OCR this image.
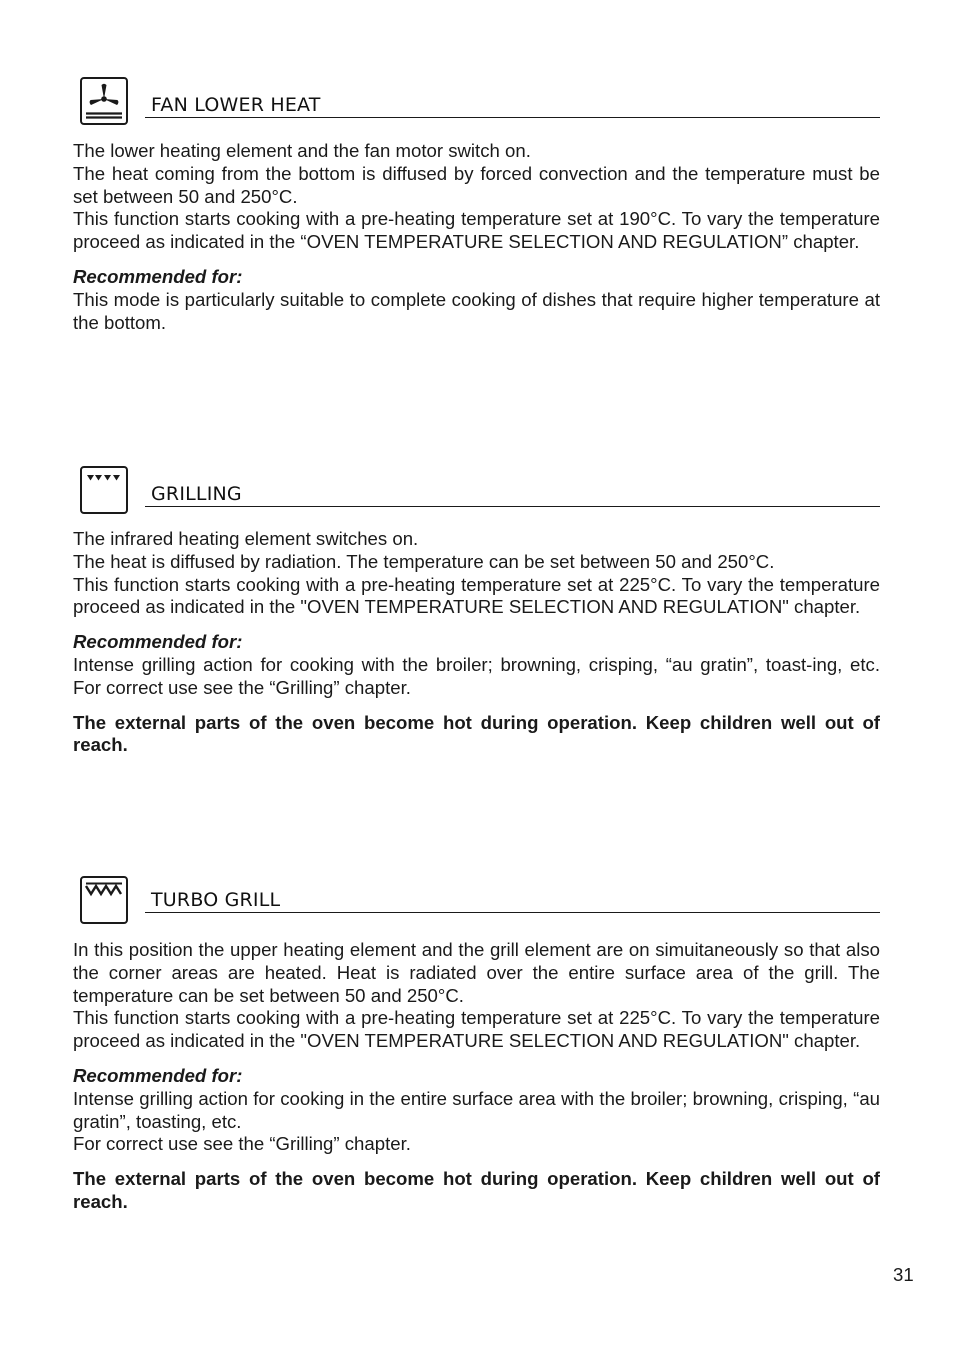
FAN LOWER HEAT

The lower heating element and the fan motor switch on.

The heat coming from the bottom is diffused by forced convection and the temperature must be set between 50 and 250°C.

This function starts cooking with a pre-heating temperature set at 190°C. To vary the temperature proceed as indicated in the “OVEN TEMPERATURE SELECTION AND REGULATION” chapter.

Recommended for:

This mode is particularly suitable to complete cooking of dishes that require higher temperature at the bottom.

GRILLING

The infrared heating element switches on.

The heat is diffused by radiation. The temperature can be set between 50 and 250°C.

This function starts cooking with a pre-heating temperature set at 225°C. To vary the temperature proceed as indicated in the "OVEN TEMPERATURE SELECTION AND REGULATION" chapter.

Recommended for:

Intense grilling action for cooking with the broiler; browning, crisping, “au gratin”, toast-ing, etc. For correct use see the “Grilling” chapter.

The external parts of the oven become hot during operation. Keep children well out of reach.

TURBO GRILL

In this position the upper heating element and the grill element are on simuitaneously so that also the corner areas are heated. Heat is radiated over the entire surface area of the grill. The temperature can be set between 50 and 250°C.

This function starts cooking with a pre-heating temperature set at 225°C. To vary the temperature proceed as indicated in the "OVEN TEMPERATURE SELECTION AND REGULATION" chapter.

Recommended for:

Intense grilling action for cooking in the entire surface area with the broiler; browning, crisping, “au gratin”, toasting, etc.

For correct use see the “Grilling” chapter.

The external parts of the oven become hot during operation. Keep children well out of reach.

31
